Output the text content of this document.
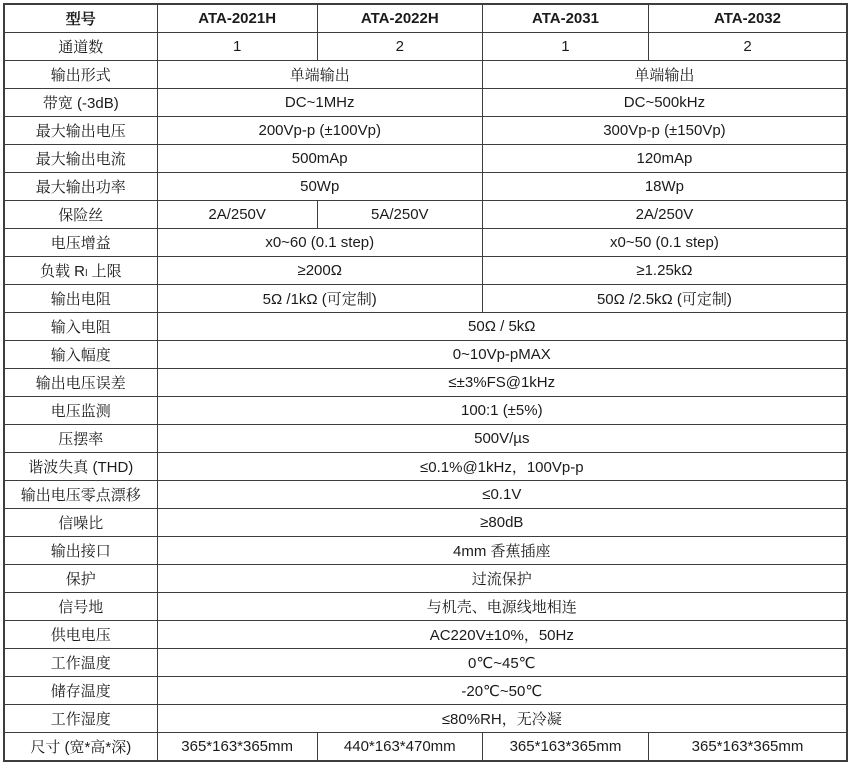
型号	ATA-2021H	ATA-2022H	ATA-2031	ATA-2032
通道数	1	2	1	2
输出形式	单端输出		单端输出	
带宽 (-3dB)	DC~1MHz		DC~500kHz	
最大输出电压	200Vp-p (±100Vp)		300Vp-p (±150Vp)	
最大输出电流	500mAp		120mAp	
最大输出功率	50Wp		18Wp	
保险丝	2A/250V	5A/250V	2A/250V	
电压增益	x0~60 (0.1 step)		x0~50 (0.1 step)	
负载 Rₗ 上限	≥200Ω		≥1.25kΩ	
输出电阻	5Ω /1kΩ (可定制)		50Ω /2.5kΩ (可定制)	
输入电阻	50Ω / 5kΩ			
输入幅度	0~10Vp-pMAX			
输出电压误差	≤±3%FS@1kHz			
电压监测	100:1 (±5%)			
压摆率	500V/µs			
谐波失真 (THD)	≤0.1%@1kHz，100Vp-p			
输出电压零点漂移	≤0.1V			
信噪比	≥80dB			
输出接口	4mm 香蕉插座			
保护	过流保护			
信号地	与机壳、电源线地相连			
供电电压	AC220V±10%，50Hz			
工作温度	0℃~45℃			
储存温度	-20℃~50℃			
工作湿度	≤80%RH，无冷凝			
尺寸 (宽*高*深)	365*163*365mm	440*163*470mm	365*163*365mm	365*163*365mm
